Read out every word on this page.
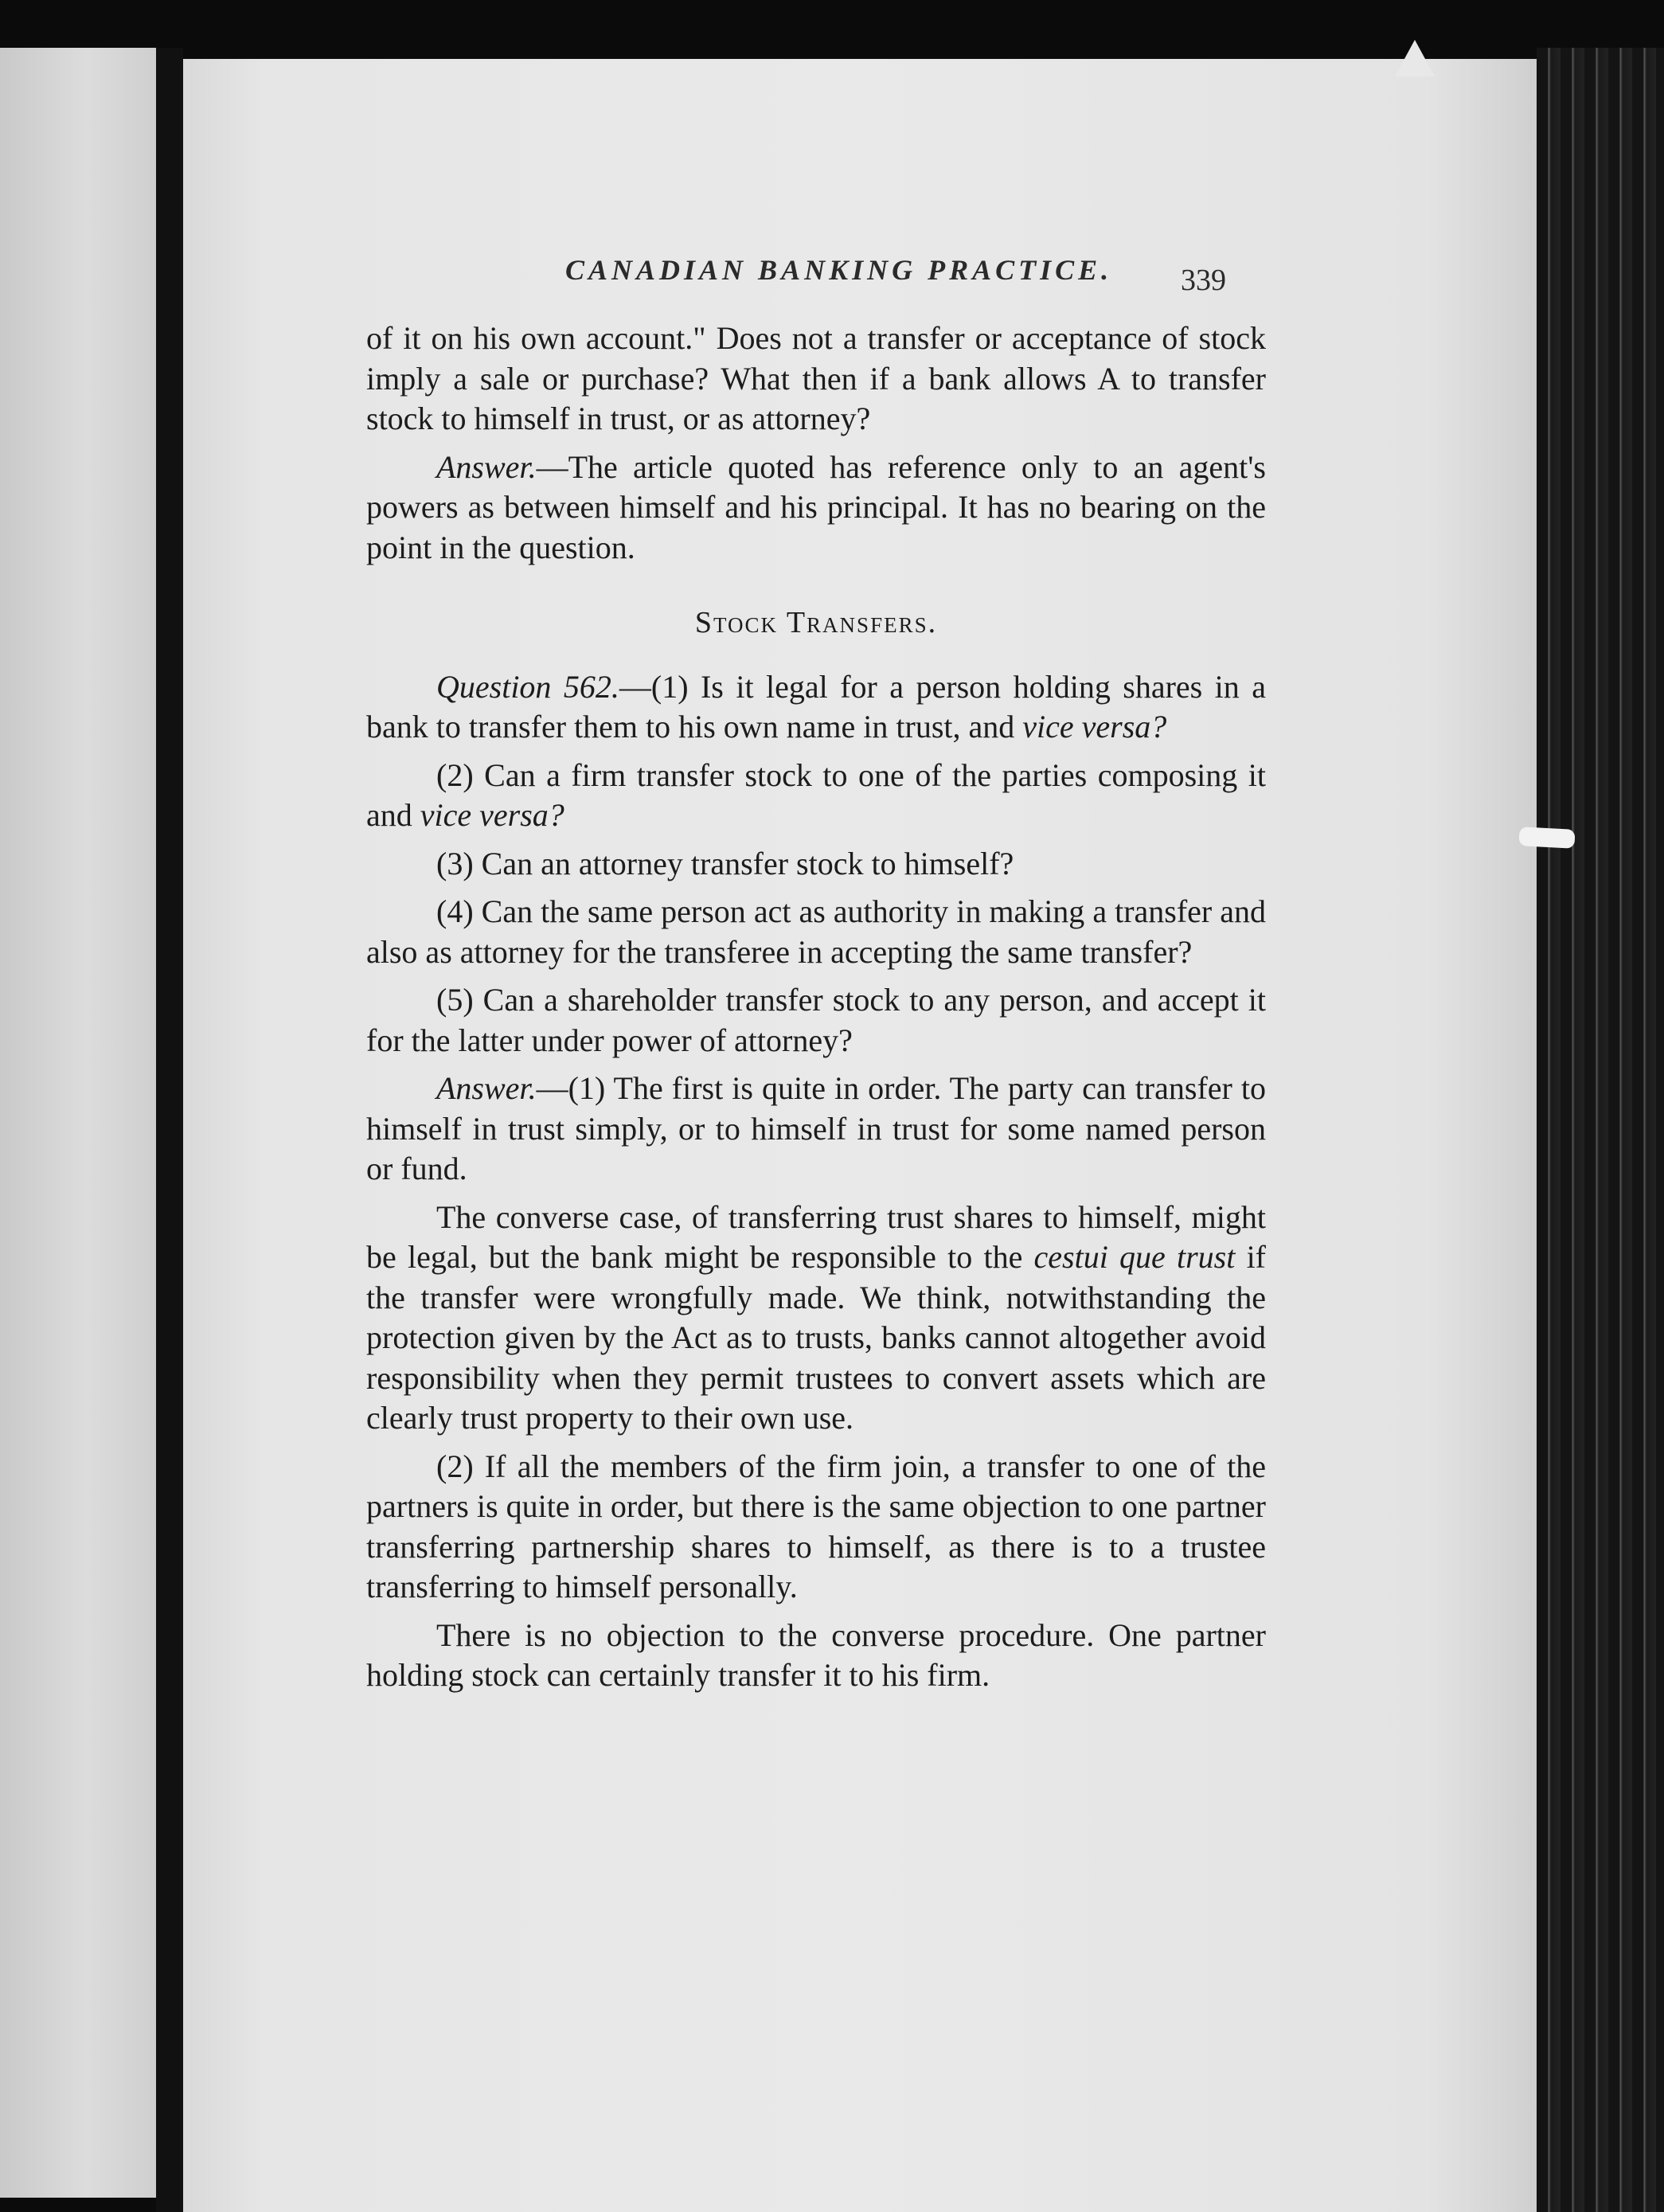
CANADIAN BANKING PRACTICE. 339

of it on his own account." Does not a transfer or acceptance of stock imply a sale or purchase? What then if a bank allows A to transfer stock to himself in trust, or as attorney?

Answer.—The article quoted has reference only to an agent's powers as between himself and his principal. It has no bearing on the point in the question.

Stock Transfers.

Question 562.—(1) Is it legal for a person holding shares in a bank to transfer them to his own name in trust, and vice versa?

(2) Can a firm transfer stock to one of the parties composing it and vice versa?

(3) Can an attorney transfer stock to himself?

(4) Can the same person act as authority in making a transfer and also as attorney for the transferee in accepting the same transfer?

(5) Can a shareholder transfer stock to any person, and accept it for the latter under power of attorney?

Answer.—(1) The first is quite in order. The party can transfer to himself in trust simply, or to himself in trust for some named person or fund.

The converse case, of transferring trust shares to himself, might be legal, but the bank might be responsible to the cestui que trust if the transfer were wrongfully made. We think, notwithstanding the protection given by the Act as to trusts, banks cannot altogether avoid responsibility when they permit trustees to convert assets which are clearly trust property to their own use.

(2) If all the members of the firm join, a transfer to one of the partners is quite in order, but there is the same objection to one partner transferring partnership shares to himself, as there is to a trustee transferring to himself personally.

There is no objection to the converse procedure. One partner holding stock can certainly transfer it to his firm.
